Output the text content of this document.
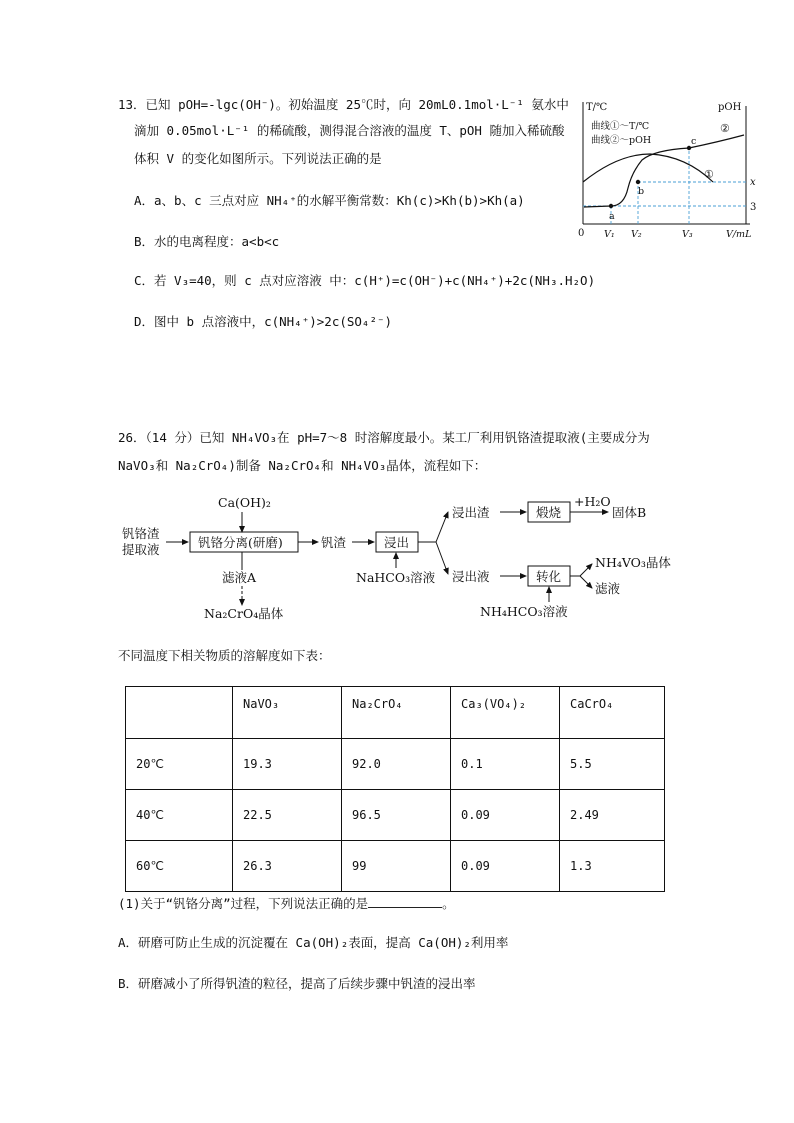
13．已知 pOH=-lgc(OH⁻)。初始温度 25℃时，向 20mL0.1mol·L⁻¹ 氨水中
滴加 0.05mol·L⁻¹ 的稀硫酸，测得混合溶液的温度 T、pOH 随加入稀硫酸
体积 V 的变化如图所示。下列说法正确的是
A．a、b、c 三点对应 NH₄⁺的水解平衡常数：Kh(c)>Kh(b)>Kh(a)
B．水的电离程度：a<b<c
C．若 V₃=40，则 c 点对应溶液 中：c(H⁺)=c(OH⁻)+c(NH₄⁺)+2c(NH₃.H₂O)
D．图中 b 点溶液中，c(NH₄⁺)>2c(SO₄²⁻)
T/℃	pOH
曲线①～T/℃
曲线②～pOH
②
①
a
b
c
0 V₁ V₂	V₃	V/mL
x
3
26．（14 分）已知 NH₄VO₃在 pH=7～8 时溶解度最小。某工厂利用钒铬渣提取液(主要成分为
NaVO₃和 Na₂CrO₄)制备 Na₂CrO₄和 NH₄VO₃晶体，流程如下：
钒铬渣
提取液
Ca(OH)₂
钒铬分离(研磨)
滤液A
Na₂CrO₄晶体
钒渣	浸出
NaHCO₃溶液
浸出渣	煅烧
+H₂O
固体B
浸出液	转化
NH₄HCO₃溶液
NH₄VO₃晶体
滤液
不同温度下相关物质的溶解度如下表：
	NaVO₃	Na₂CrO₄	Ca₃(VO₄)₂	CaCrO₄
20℃	19.3	92.0	0.1	5.5
40℃	22.5	96.5	0.09	2.49
60℃	26.3	99	0.09	1.3
(1)关于“钒铬分离”过程，下列说法正确的是	。
A．研磨可防止生成的沉淀覆在 Ca(OH)₂表面，提高 Ca(OH)₂利用率
B．研磨减小了所得钒渣的粒径，提高了后续步骤中钒渣的浸出率
